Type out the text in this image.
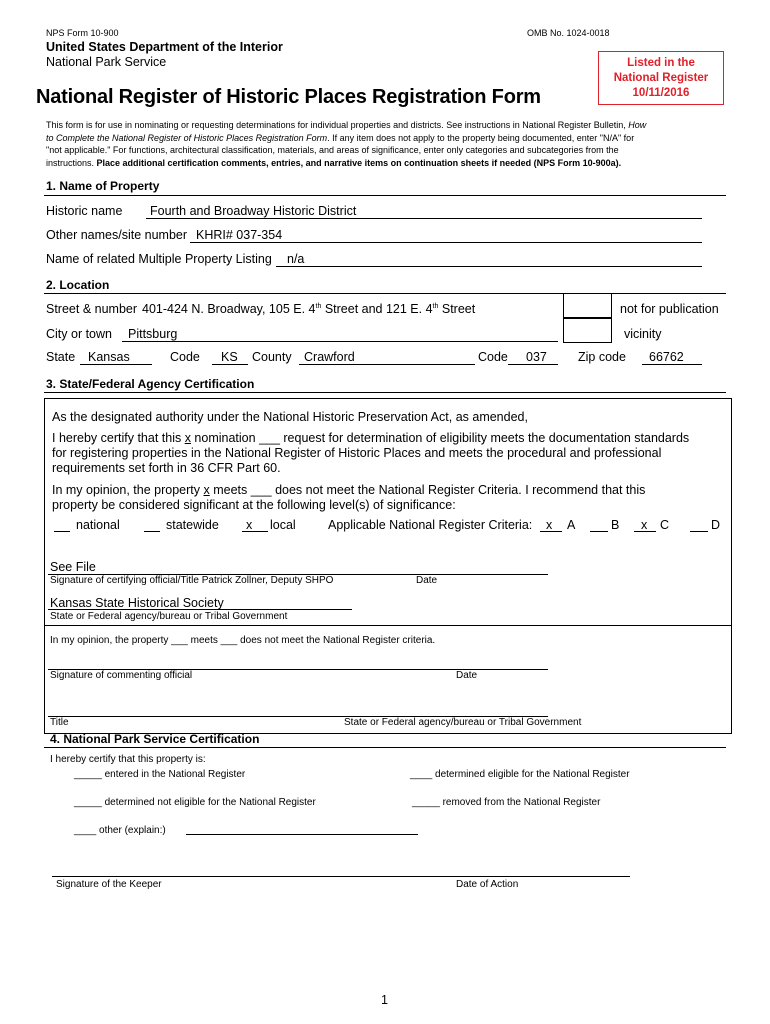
NPS Form 10-900	OMB No. 1024-0018
United States Department of the Interior
National Park Service
National Register of Historic Places Registration Form
Listed in the
National Register
10/11/2016
This form is for use in nominating or requesting determinations for individual properties and districts. See instructions in National Register Bulletin, How
to Complete the National Register of Historic Places Registration Form. If any item does not apply to the property being documented, enter "N/A" for
"not applicable." For functions, architectural classification, materials, and areas of significance, enter only categories and subcategories from the
instructions. Place additional certification comments, entries, and narrative items on continuation sheets if needed (NPS Form 10-900a).
1. Name of Property
Historic name Fourth and Broadway Historic District
Other names/site number KHRI# 037-354
Name of related Multiple Property Listing n/a
2. Location
Street & number 401-424 N. Broadway, 105 E. 4th Street and 121 E. 4th Street	not for publication
City or town Pittsburg	vicinity
State Kansas	Code KS County Crawford	Code 037 Zip code 66762
3. State/Federal Agency Certification
As the designated authority under the National Historic Preservation Act, as amended,
I hereby certify that this x nomination ___ request for determination of eligibility meets the documentation standards
for registering properties in the National Register of Historic Places and meets the procedural and professional
requirements set forth in 36 CFR Part 60.
In my opinion, the property x meets ___ does not meet the National Register Criteria. I recommend that this
property be considered significant at the following level(s) of significance:
national	statewide x local	Applicable National Register Criteria: x A	B x C	D
See File
Signature of certifying official/Title Patrick Zollner, Deputy SHPO	Date
Kansas State Historical Society
State or Federal agency/bureau or Tribal Government
In my opinion, the property ___ meets ___ does not meet the National Register criteria.
Signature of commenting official	Date
Title	State or Federal agency/bureau or Tribal Government
4. National Park Service Certification
I hereby certify that this property is:
_____ entered in the National Register	____ determined eligible for the National Register
_____ determined not eligible for the National Register	_____ removed from the National Register
____ other (explain:)
Signature of the Keeper	Date of Action
1
